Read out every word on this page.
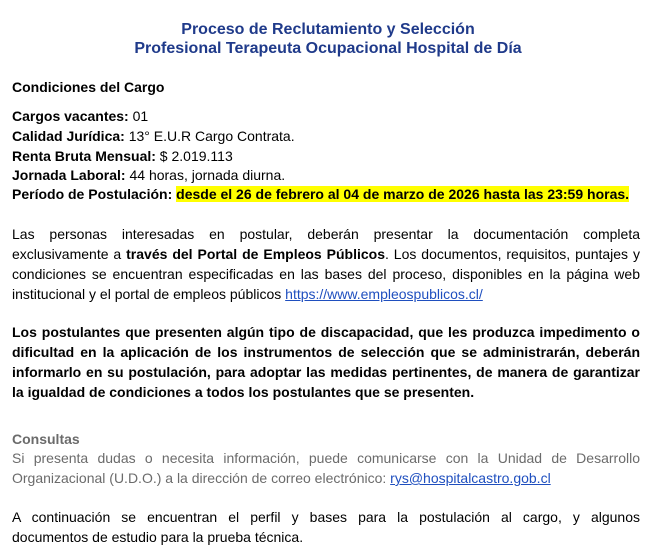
Proceso de Reclutamiento y Selección
Profesional Terapeuta Ocupacional Hospital de Día
Condiciones del Cargo
Cargos vacantes: 01
Calidad Jurídica: 13° E.U.R Cargo Contrata.
Renta Bruta Mensual: $ 2.019.113
Jornada Laboral: 44 horas, jornada diurna.
Período de Postulación: desde el 26 de febrero al 04 de marzo de 2026 hasta las 23:59 horas.
Las personas interesadas en postular, deberán presentar la documentación completa
exclusivamente a través del Portal de Empleos Públicos. Los documentos, requisitos, puntajes y
condiciones se encuentran especificadas en las bases del proceso, disponibles en la página web
institucional y el portal de empleos públicos https://www.empleospublicos.cl/
Los postulantes que presenten algún tipo de discapacidad, que les produzca impedimento o
dificultad en la aplicación de los instrumentos de selección que se administrarán, deberán
informarlo en su postulación, para adoptar las medidas pertinentes, de manera de garantizar
la igualdad de condiciones a todos los postulantes que se presenten.
Consultas
Si presenta dudas o necesita información, puede comunicarse con la Unidad de Desarrollo
Organizacional (U.D.O.) a la dirección de correo electrónico: rys@hospitalcastro.gob.cl
A continuación se encuentran el perfil y bases para la postulación al cargo, y algunos
documentos de estudio para la prueba técnica.
